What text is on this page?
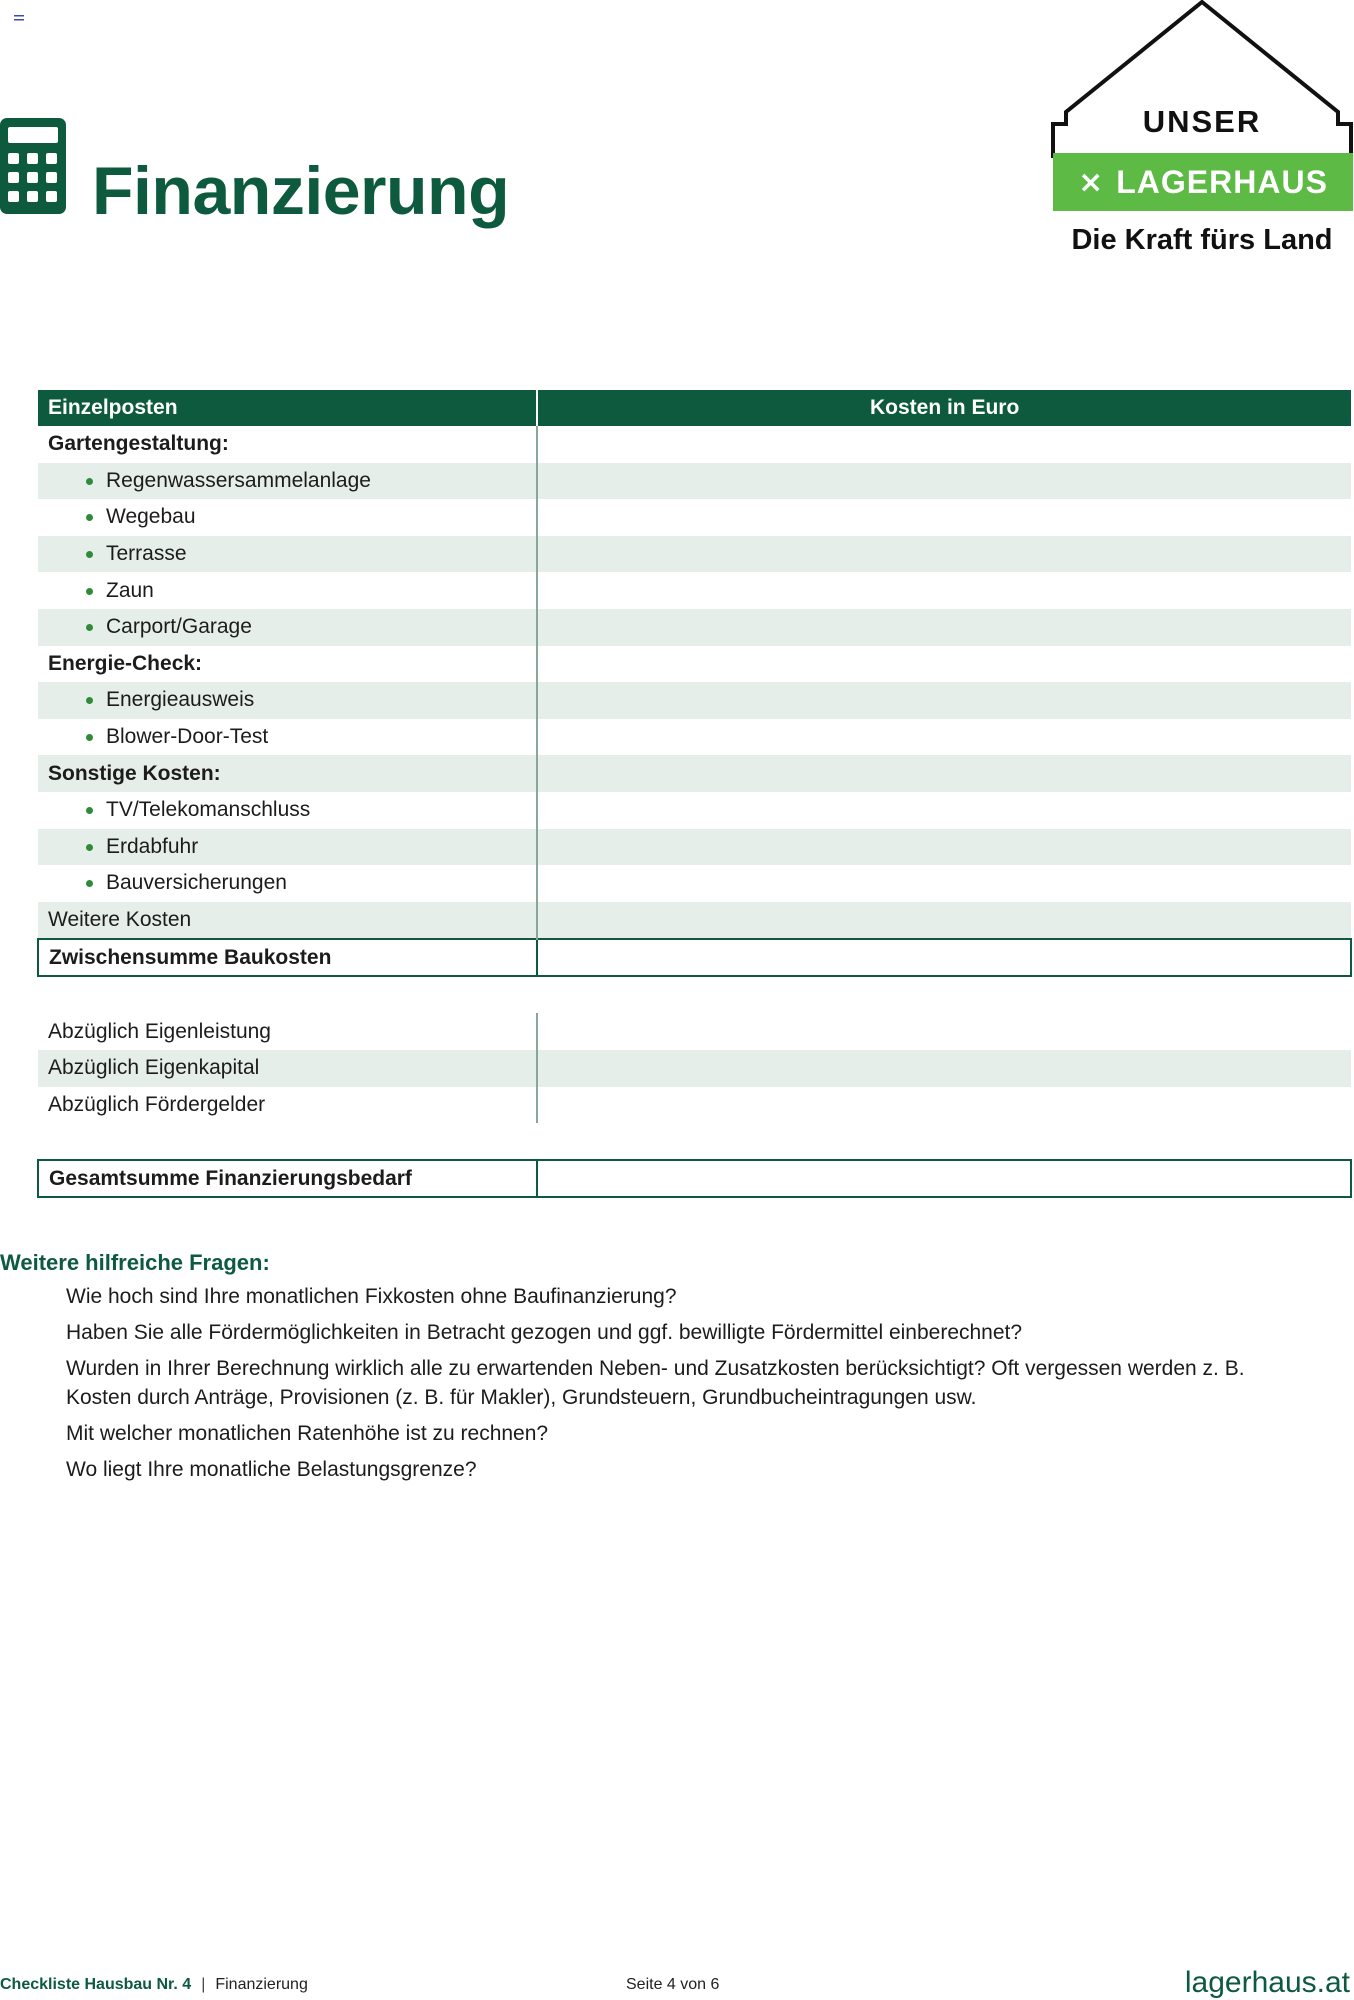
Finanzierung
UNSER
⨯ LAGERHAUS
Die Kraft fürs Land
Einzelposten	Kosten in Euro
Gartengestaltung:	
Regenwassersammelanlage	
Wegebau	
Terrasse	
Zaun	
Carport/Garage	
Energie-Check:	
Energieausweis	
Blower-Door-Test	
Sonstige Kosten:	
TV/Telekomanschluss	
Erdabfuhr	
Bauversicherungen	
Weitere Kosten	
Zwischensumme Baukosten	

Abzüglich Eigenleistung	
Abzüglich Eigenkapital	
Abzüglich Fördergelder	

Gesamtsumme Finanzierungsbedarf	
Weitere hilfreiche Fragen:
Wie hoch sind Ihre monatlichen Fixkosten ohne Baufinanzierung?
Haben Sie alle Fördermöglichkeiten in Betracht gezogen und ggf. bewilligte Fördermittel einberechnet?
Wurden in Ihrer Berechnung wirklich alle zu erwartenden Neben- und Zusatzkosten berücksichtigt? Oft vergessen werden z. B. Kosten durch Anträge, Provisionen (z. B. für Makler), Grundsteuern, Grundbucheintragungen usw.
Mit welcher monatlichen Ratenhöhe ist zu rechnen?
Wo liegt Ihre monatliche Belastungsgrenze?
Checkliste Hausbau Nr. 4 | Finanzierung	Seite 4 von 6	lagerhaus.at
